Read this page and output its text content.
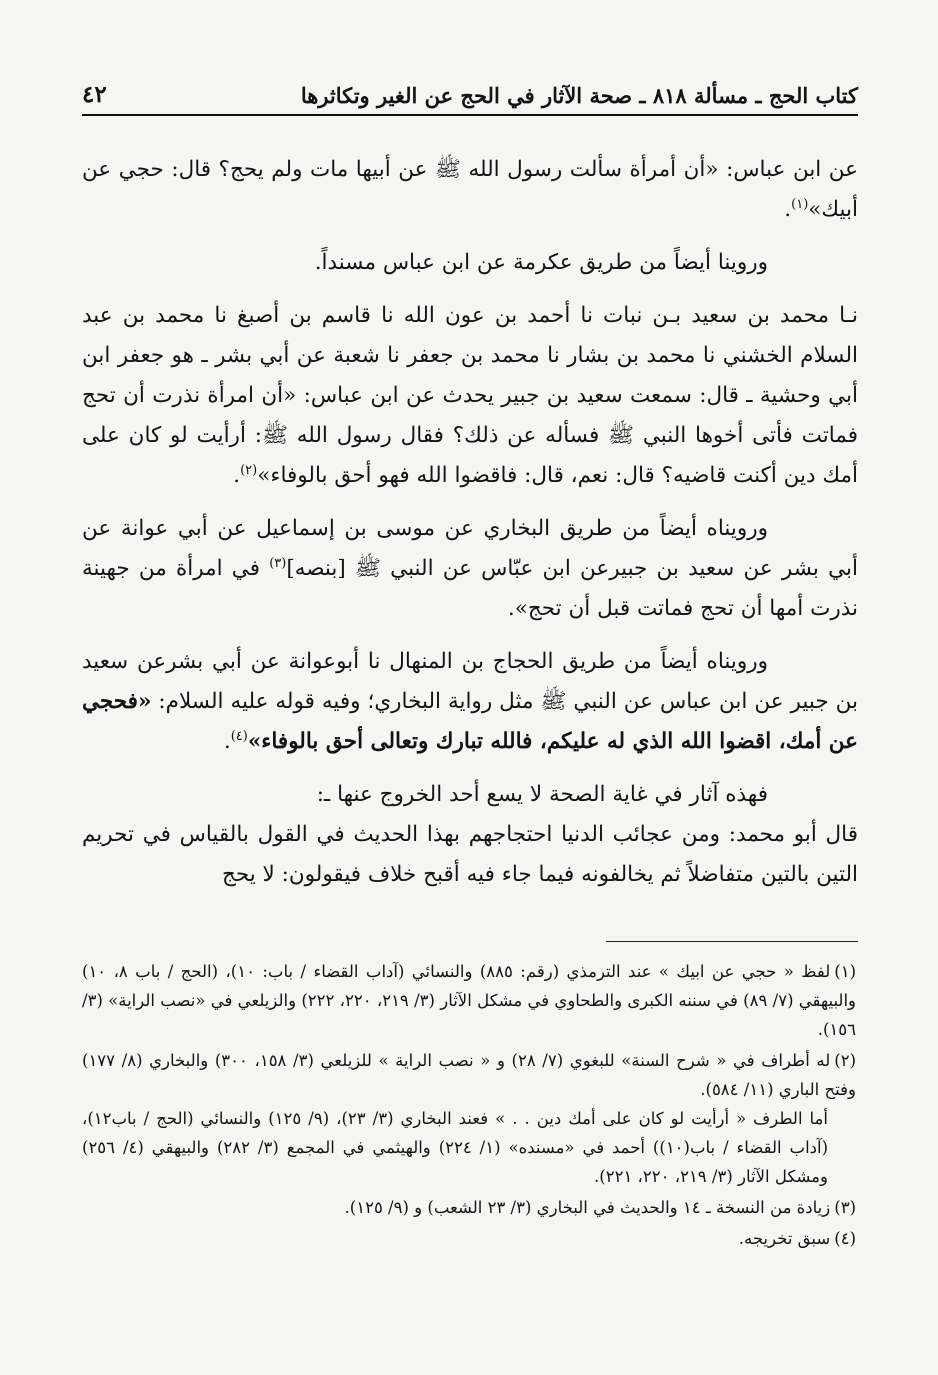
كتاب الحج ـ مسألة ٨١٨ ـ صحة الآثار في الحج عن الغير وتكاثرها
٤٢

عن ابن عباس: «أن أمرأة سألت رسول الله ﷺ عن أبيها مات ولم يحج؟ قال: حجي عن أبيك»$^{(١)}$.

وروينا أيضاً من طريق عكرمة عن ابن عباس مسنداً.

نـا محمد بن سعيد بـن نبات نا أحمد بن عون الله نا قاسم بن أصبغ نا محمد بن عبد السلام الخشني نا محمد بن بشار نا محمد بن جعفر نا شعبة عن أبي بشر ـ هو جعفر ابن أبي وحشية ـ قال: سمعت سعيد بن جبير يحدث عن ابن عباس: «أن امرأة نذرت أن تحج فماتت فأتى أخوها النبي ﷺ فسأله عن ذلك؟ فقال رسول الله ﷺ: أرأيت لو كان على أمك دين أكنت قاضيه؟ قال: نعم، قال: فاقضوا الله فهو أحق بالوفاء»$^{(٢)}$.

ورويناه أيضاً من طريق البخاري عن موسى بن إسماعيل عن أبي عوانة عن أبي بشر عن سعيد بن جبيرعن ابن عبّاس عن النبي ﷺ [بنصه]$^{(٣)}$ في امرأة من جهينة نذرت أمها أن تحج فماتت قبل أن تحج».

ورويناه أيضاً من طريق الحجاج بن المنهال نا أبوعوانة عن أبي بشرعن سعيد بن جبير عن ابن عباس عن النبي ﷺ مثل رواية البخاري؛ وفيه قوله عليه السلام: «فحجي عن أمك، اقضوا الله الذي له عليكم، فالله تبارك وتعالى أحق بالوفاء»$^{(٤)}$.

فهذه آثار في غاية الصحة لا يسع أحد الخروج عنها ـ:

قال أبو محمد: ومن عجائب الدنيا احتجاجهم بهذا الحديث في القول بالقياس في تحريم التين بالتين متفاضلاً ثم يخالفونه فيما جاء فيه أقبح خلاف فيقولون: لا يحج

(١)لفظ « حجي عن ابيك » عند الترمذي (رقم: ٨٨٥) والنسائي (آداب القضاء / باب: ١٠)، (الحج / باب ٨، ١٠) والبيهقي (٧/ ٨٩) في سننه الكبرى والطحاوي في مشكل الآثار (٣/ ٢١٩، ٢٢٠، ٢٢٢) والزيلعي في «نصب الراية» (٣/ ١٥٦).
(٢)له أطراف في « شرح السنة» للبغوي (٧/ ٢٨) و « نصب الراية » للزيلعي (٣/ ١٥٨، ٣٠٠) والبخاري (٨/ ١٧٧) وفتح الباري (١١/ ٥٨٤).
أما الطرف « أرأيت لو كان على أمك دين . . » فعند البخاري (٣/ ٢٣)، (٩/ ١٢٥) والنسائي (الحج / باب١٢)، (آداب القضاء / باب(١٠)) أحمد في «مسنده» (١/ ٢٢٤) والهيثمي في المجمع (٣/ ٢٨٢) والبيهقي (٤/ ٢٥٦) ومشكل الآثار (٣/ ٢١٩، ٢٢٠، ٢٢١).
(٣)زيادة من النسخة ـ ١٤ والحديث في البخاري (٣/ ٢٣ الشعب) و (٩/ ١٢٥).
(٤)سبق تخريجه.
